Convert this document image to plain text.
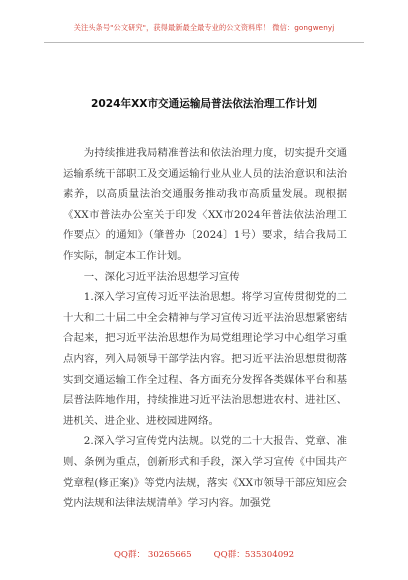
关注头条号"公文研究"，获得最新最全最专业的公文资料库！ 微信：gongwenyj
2024年XX市交通运输局普法依法治理工作计划

为持续推进我局精准普法和依法治理力度，切实提升交通运输系统干部职工及交通运输行业从业人员的法治意识和法治素养，以高质量法治交通服务推动我市高质量发展。现根据《XX市普法办公室关于印发〈XX市2024年普法依法治理工作要点〉的通知》（肇普办〔2024〕1号）要求，结合我局工作实际，制定本工作计划。

一、深化习近平法治思想学习宣传

1.深入学习宣传习近平法治思想。将学习宣传贯彻党的二十大和二十届二中全会精神与学习宣传习近平法治思想紧密结合起来，把习近平法治思想作为局党组理论学习中心组学习重点内容，列入局领导干部学法内容。把习近平法治思想贯彻落实到交通运输工作全过程、各方面充分发挥各类媒体平台和基层普法阵地作用，持续推进习近平法治思想进农村、进社区、进机关、进企业、进校园进网络。

2.深入学习宣传党内法规。以党的二十大报告、党章、准则、条例为重点，创新形式和手段，深入学习宣传《中国共产党章程(修正案)》等党内法规，落实《XX市领导干部应知应会党内法规和法律法规清单》学习内容。加强党

QQ群： 30265665	QQ群：535304092
